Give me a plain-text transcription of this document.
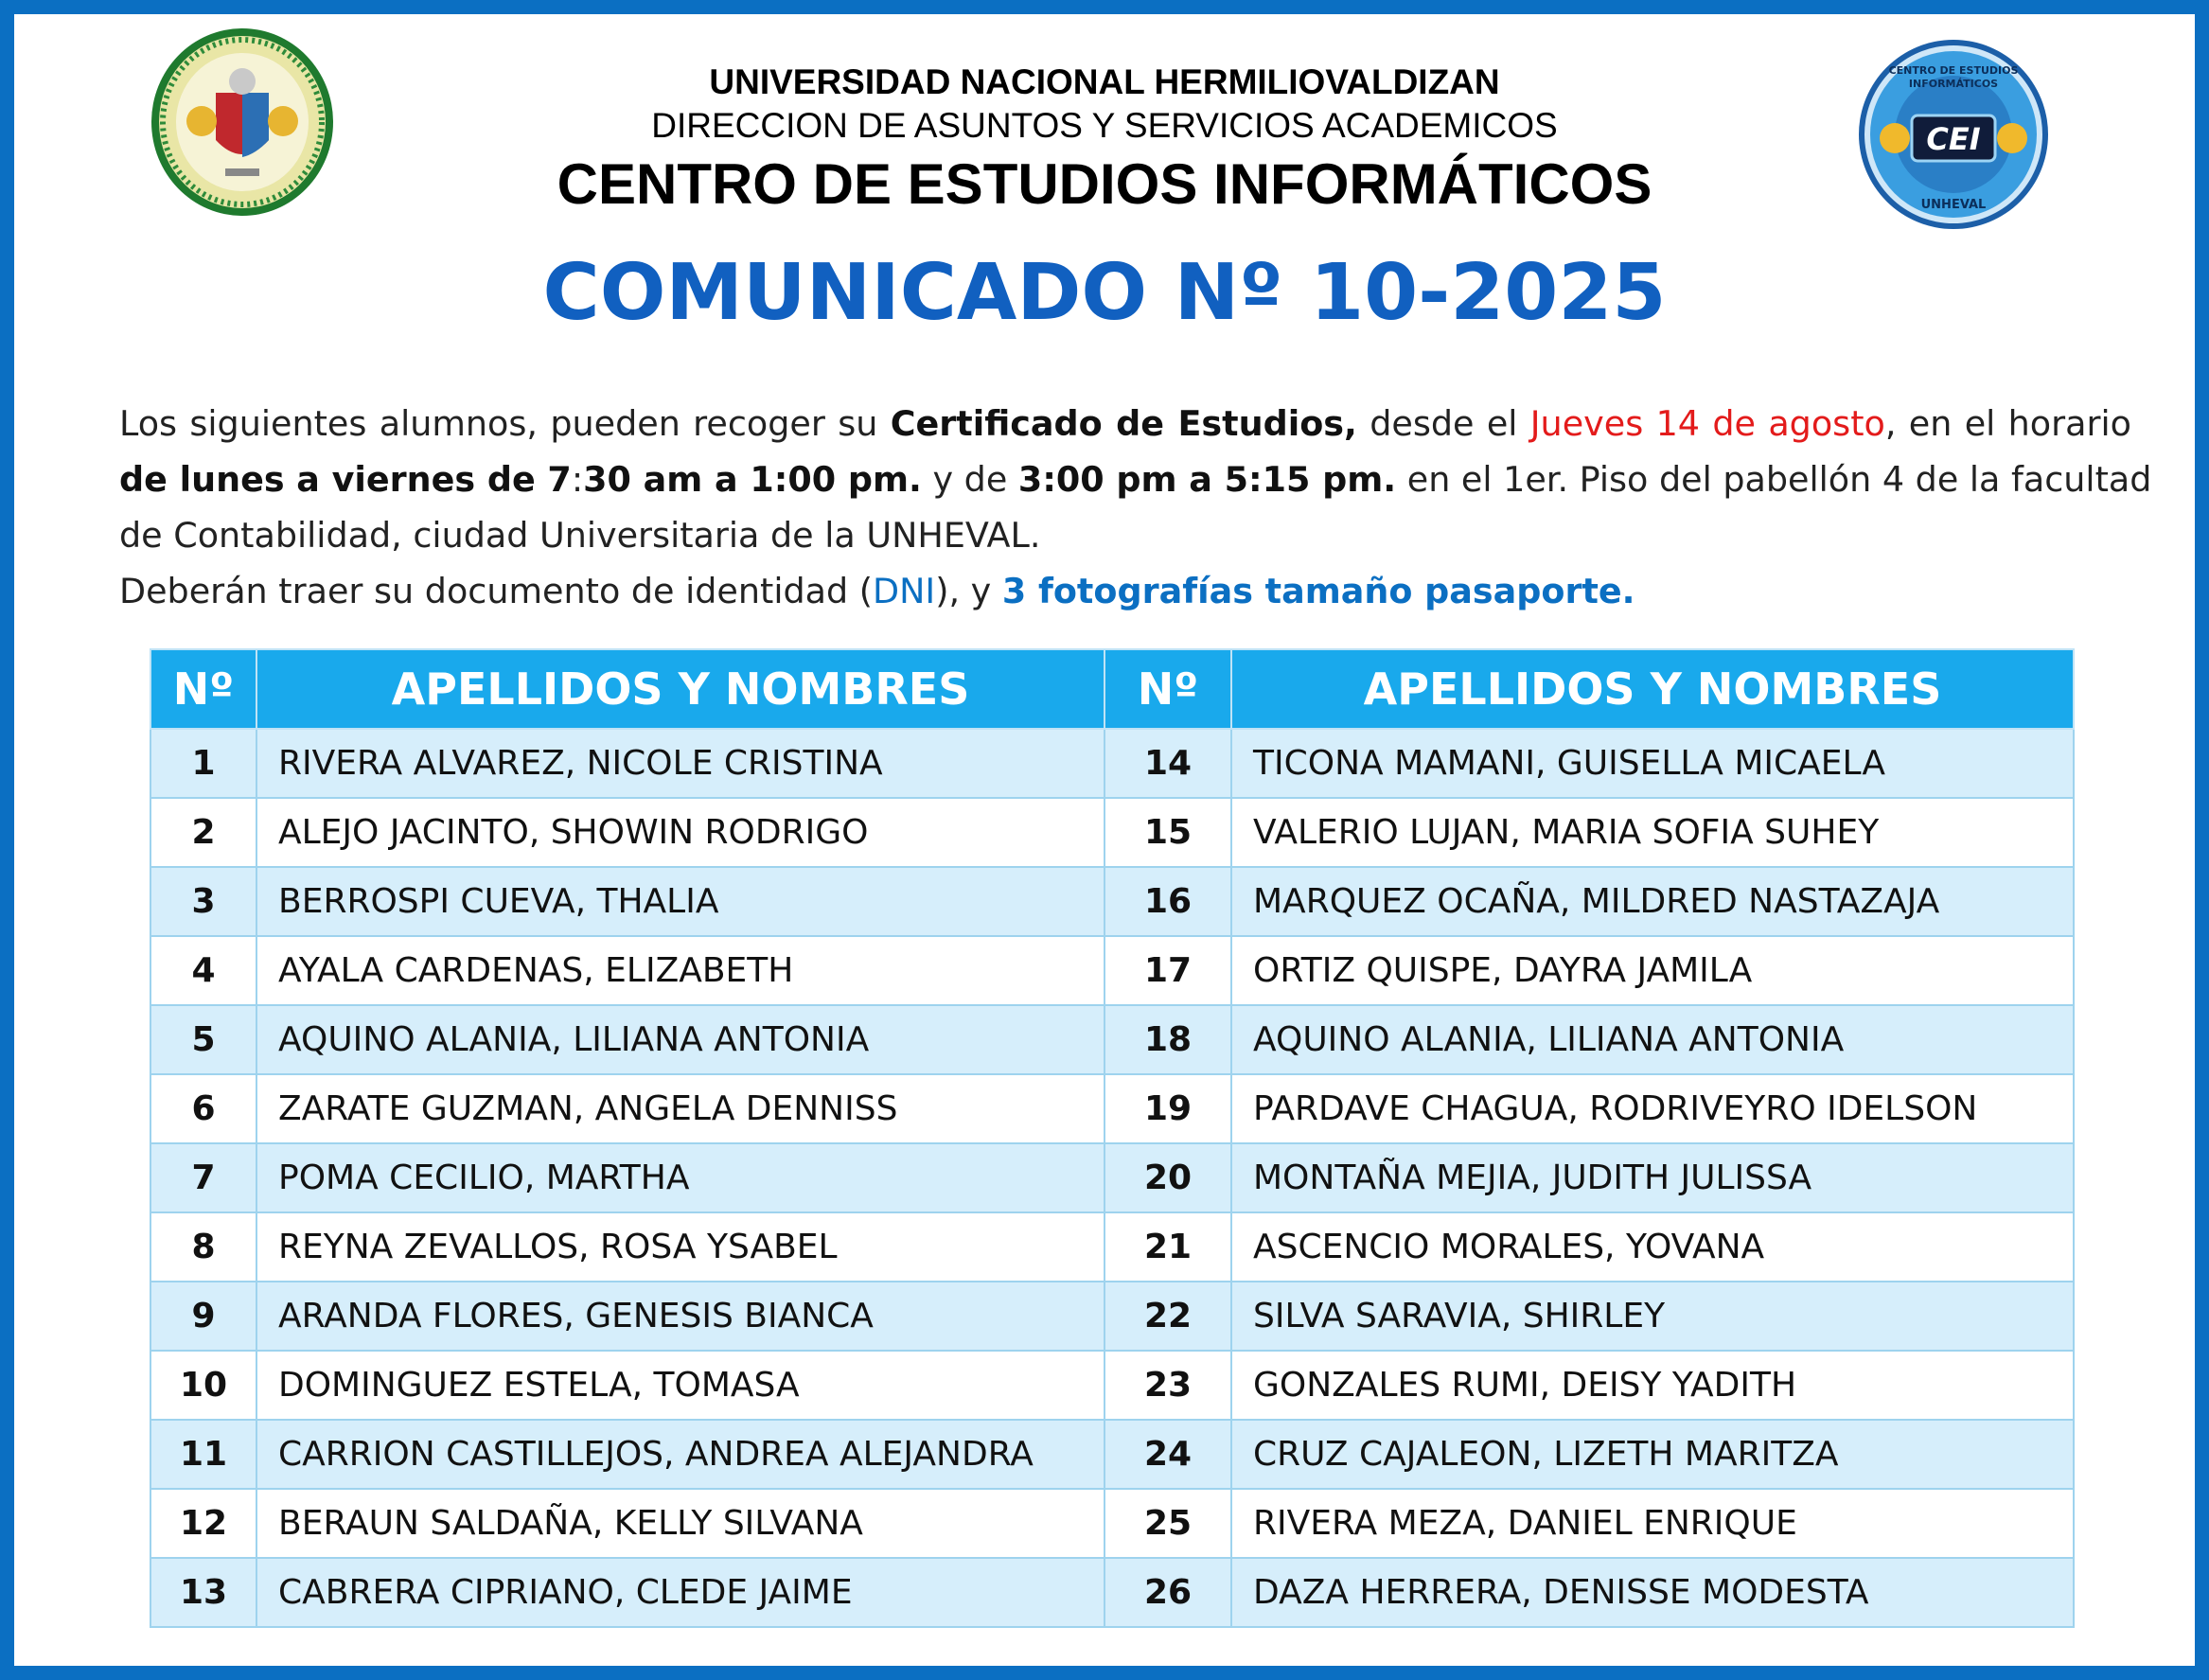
CEI
UNHEVAL
CENTRO DE ESTUDIOS
INFORMÁTICOS
UNIVERSIDAD NACIONAL HERMILIOVALDIZAN
DIRECCION DE ASUNTOS Y SERVICIOS ACADEMICOS
CENTRO DE ESTUDIOS INFORMÁTICOS
COMUNICADO Nº 10-2025
Los siguientes alumnos, pueden recoger su Certificado de Estudios, desde el Jueves 14 de agosto, en el horario
de lunes a viernes de 7:30 am a 1:00 pm. y de 3:00 pm a 5:15 pm. en el 1er. Piso del pabellón 4 de la facultad
de Contabilidad, ciudad Universitaria de la UNHEVAL.
Deberán traer su documento de identidad (DNI), y 3 fotografías tamaño pasaporte.
Nº	APELLIDOS Y NOMBRES	Nº	APELLIDOS Y NOMBRES
1	RIVERA ALVAREZ, NICOLE CRISTINA	14	TICONA MAMANI, GUISELLA MICAELA
2	ALEJO JACINTO, SHOWIN RODRIGO	15	VALERIO LUJAN, MARIA SOFIA SUHEY
3	BERROSPI CUEVA, THALIA	16	MARQUEZ OCAÑA, MILDRED NASTAZAJA
4	AYALA CARDENAS, ELIZABETH	17	ORTIZ QUISPE, DAYRA JAMILA
5	AQUINO ALANIA, LILIANA ANTONIA	18	AQUINO ALANIA, LILIANA ANTONIA
6	ZARATE GUZMAN, ANGELA DENNISS	19	PARDAVE CHAGUA, RODRIVEYRO IDELSON
7	POMA CECILIO, MARTHA	20	MONTAÑA MEJIA, JUDITH JULISSA
8	REYNA ZEVALLOS, ROSA YSABEL	21	ASCENCIO MORALES, YOVANA
9	ARANDA FLORES, GENESIS BIANCA	22	SILVA SARAVIA, SHIRLEY
10	DOMINGUEZ ESTELA, TOMASA	23	GONZALES RUMI, DEISY YADITH
11	CARRION CASTILLEJOS, ANDREA ALEJANDRA	24	CRUZ CAJALEON, LIZETH MARITZA
12	BERAUN SALDAÑA, KELLY SILVANA	25	RIVERA MEZA, DANIEL ENRIQUE
13	CABRERA CIPRIANO, CLEDE JAIME	26	DAZA HERRERA, DENISSE MODESTA
